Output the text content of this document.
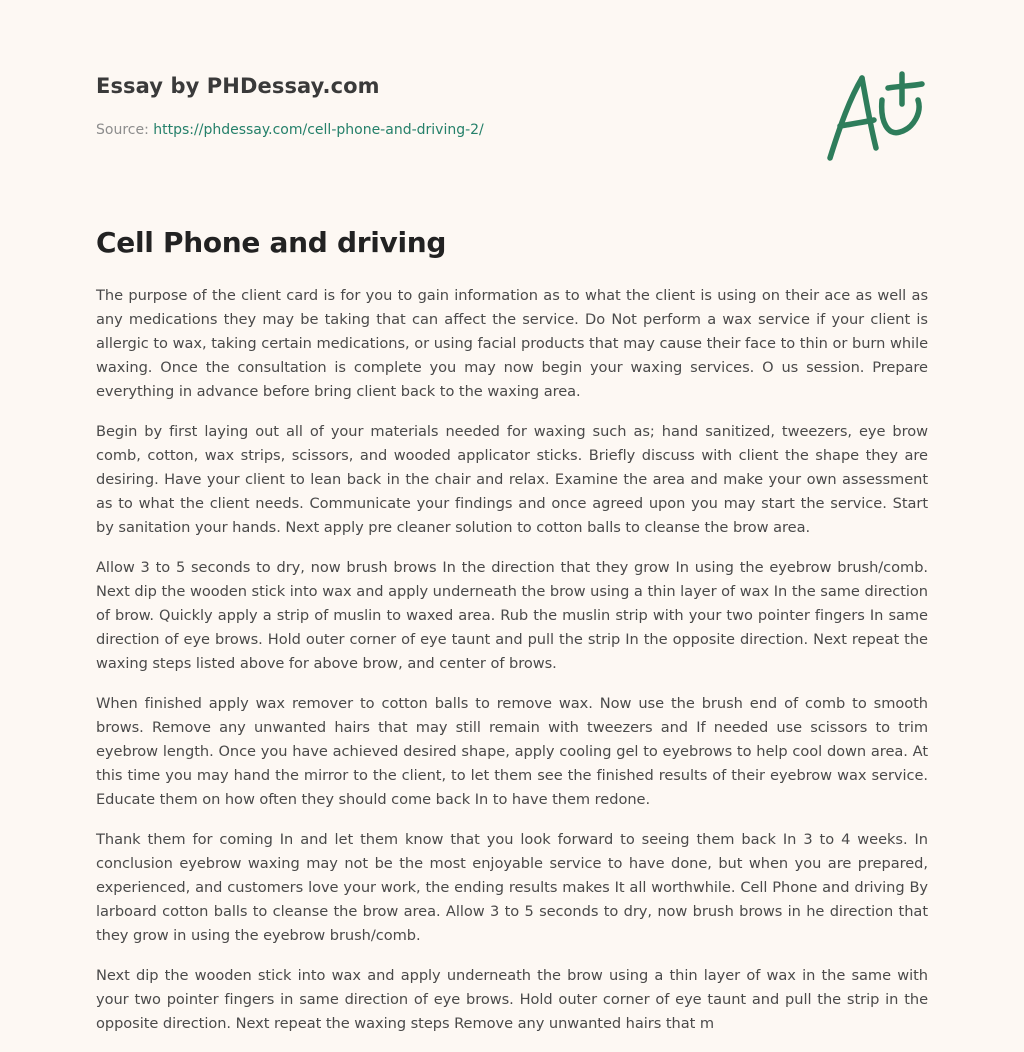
Essay by PHDessay.com
Source: https://phdessay.com/cell-phone-and-driving-2/
Cell Phone and driving

The purpose of the client card is for you to gain information as to what the client is using on their ace as well as any medications they may be taking that can affect the service. Do Not perform a wax service if your client is allergic to wax, taking certain medications, or using facial products that may cause their face to thin or burn while waxing. Once the consultation is complete you may now begin your waxing services. O us session. Prepare everything in advance before bring client back to the waxing area.

Begin by first laying out all of your materials needed for waxing such as; hand sanitized, tweezers, eye brow comb, cotton, wax strips, scissors, and wooded applicator sticks. Briefly discuss with client the shape they are desiring. Have your client to lean back in the chair and relax. Examine the area and make your own assessment as to what the client needs. Communicate your findings and once agreed upon you may start the service. Start by sanitation your hands. Next apply pre cleaner solution to cotton balls to cleanse the brow area.

Allow 3 to 5 seconds to dry, now brush brows In the direction that they grow In using the eyebrow brush/comb. Next dip the wooden stick into wax and apply underneath the brow using a thin layer of wax In the same direction of brow. Quickly apply a strip of muslin to waxed area. Rub the muslin strip with your two pointer fingers In same direction of eye brows. Hold outer corner of eye taunt and pull the strip In the opposite direction. Next repeat the waxing steps listed above for above brow, and center of brows.

When finished apply wax remover to cotton balls to remove wax. Now use the brush end of comb to smooth brows. Remove any unwanted hairs that may still remain with tweezers and If needed use scissors to trim eyebrow length. Once you have achieved desired shape, apply cooling gel to eyebrows to help cool down area. At this time you may hand the mirror to the client, to let them see the finished results of their eyebrow wax service. Educate them on how often they should come back In to have them redone.

Thank them for coming In and let them know that you look forward to seeing them back In 3 to 4 weeks. In conclusion eyebrow waxing may not be the most enjoyable service to have done, but when you are prepared, experienced, and customers love your work, the ending results makes It all worthwhile. Cell Phone and driving By larboard cotton balls to cleanse the brow area. Allow 3 to 5 seconds to dry, now brush brows in he direction that they grow in using the eyebrow brush/comb.

Next dip the wooden stick into wax and apply underneath the brow using a thin layer of wax in the same with your two pointer fingers in same direction of eye brows. Hold outer corner of eye taunt and pull the strip in the opposite direction. Next repeat the waxing steps Remove any unwanted hairs that m
